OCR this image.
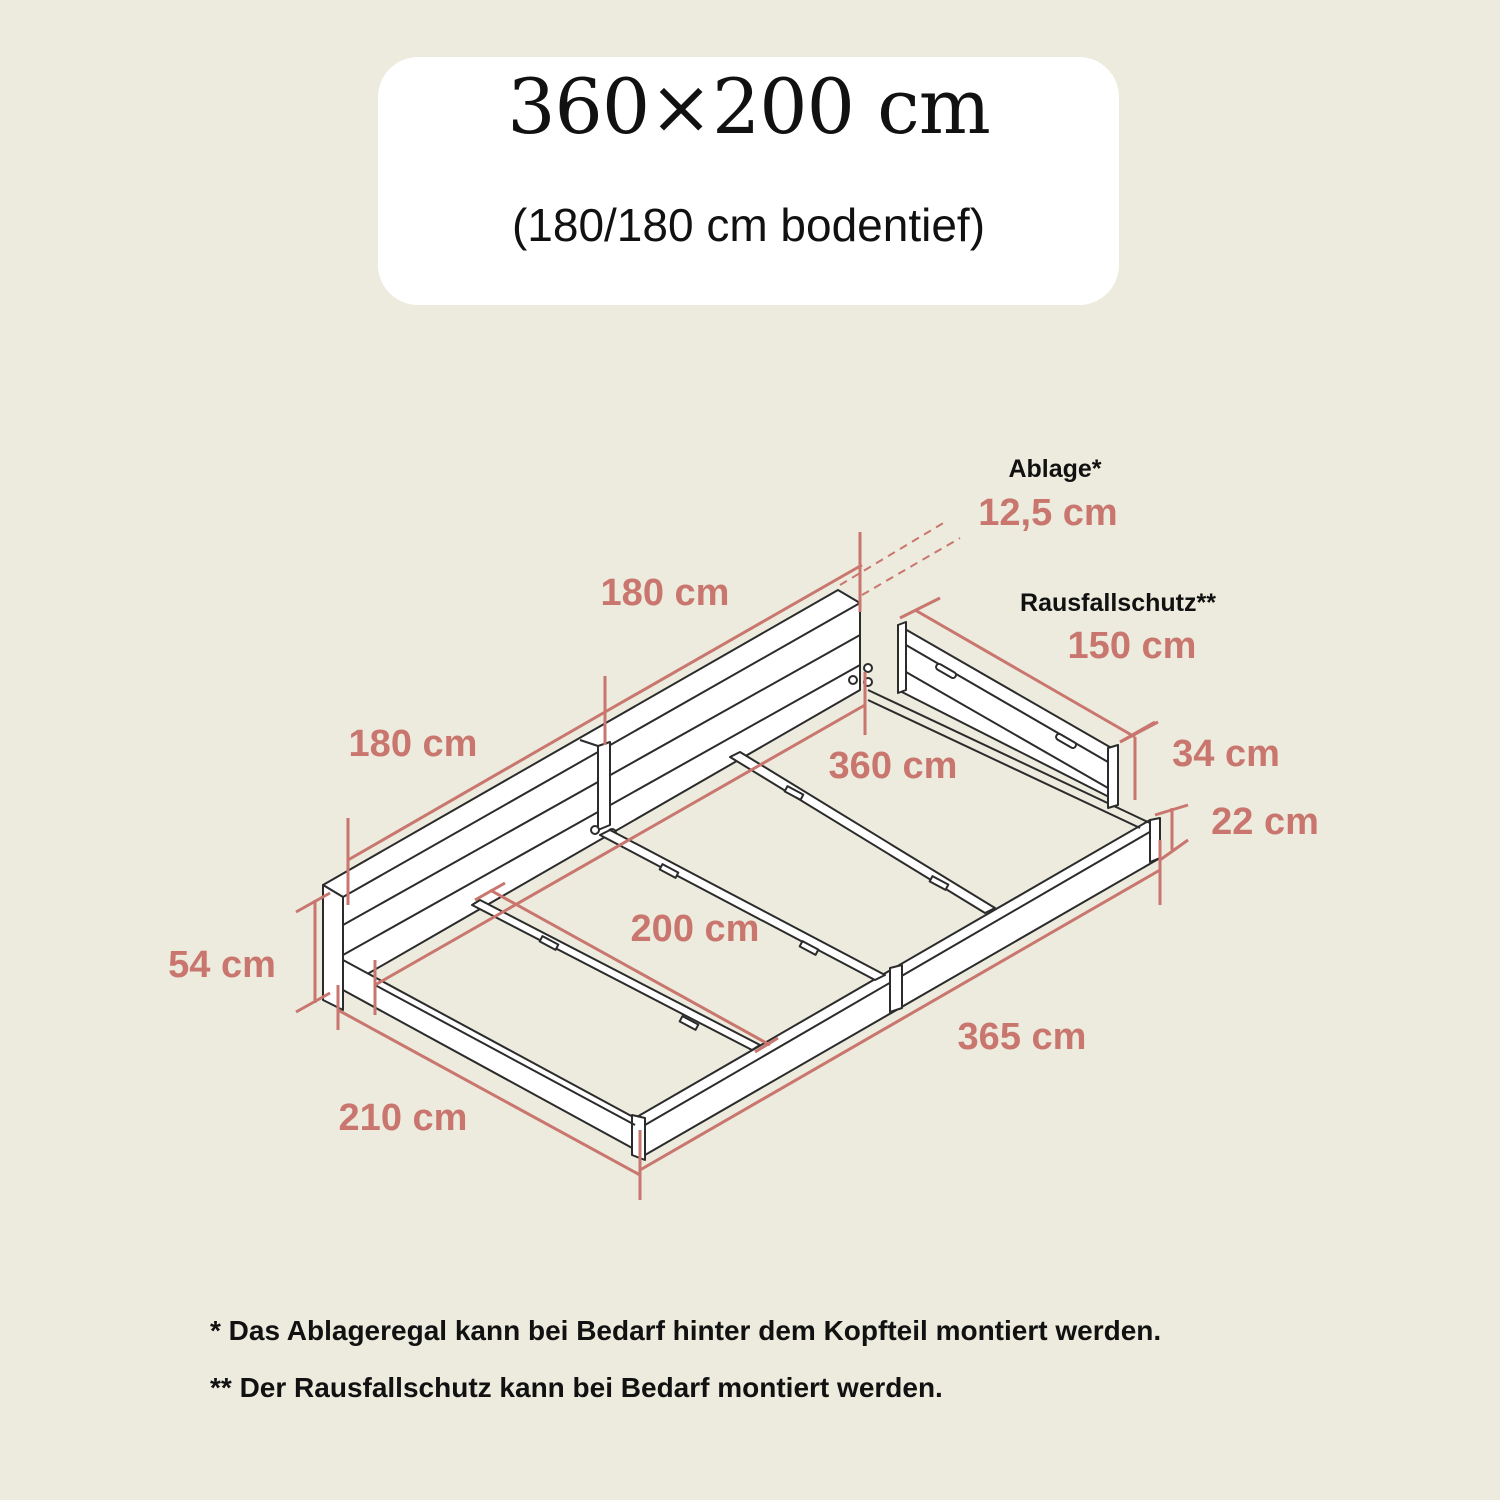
360×200 cm
(180/180 cm bodentief)
Ablage*
12,5 cm
Rausfallschutz**
150 cm
180 cm
180 cm
360 cm	34 cm
22 cm
54 cm
200 cm
365 cm
210 cm
* Das Ablageregal kann bei Bedarf hinter dem Kopfteil montiert werden.
** Der Rausfallschutz kann bei Bedarf montiert werden.
